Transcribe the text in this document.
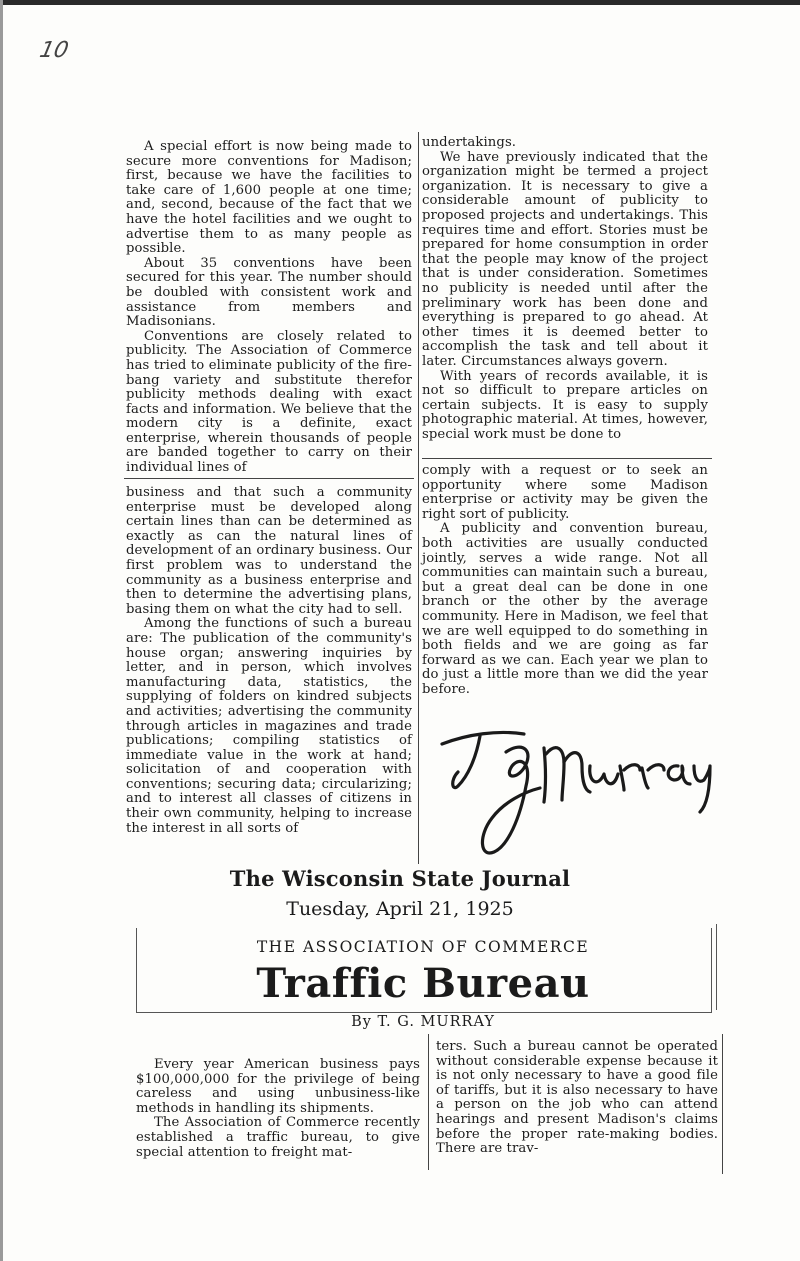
10

A special effort is now being made to secure more conventions for Madison; first, because we have the facilities to take care of 1,600 people at one time; and, second, because of the fact that we have the hotel facilities and we ought to advertise them to as many people as possible.

About 35 conventions have been secured for this year. The number should be doubled with consistent work and assistance from members and Madisonians.

Conventions are closely related to publicity. The Association of Commerce has tried to eliminate publicity of the fire-bang variety and substitute therefor publicity methods dealing with exact facts and information. We believe that the modern city is a definite, exact enterprise, wherein thousands of people are banded together to carry on their individual lines of

business and that such a community enterprise must be developed along certain lines than can be determined as exactly as can the natural lines of development of an ordinary business. Our first problem was to understand the community as a business enterprise and then to determine the advertising plans, basing them on what the city had to sell.

Among the functions of such a bureau are: The publication of the community's house organ; answering inquiries by letter, and in person, which involves manufacturing data, statistics, the supplying of folders on kindred subjects and activities; advertising the community through articles in magazines and trade publications; compiling statistics of immediate value in the work at hand; solicitation of and cooperation with conventions; securing data; circularizing; and to interest all classes of citizens in their own community, helping to increase the interest in all sorts of

undertakings.

We have previously indicated that the organization might be termed a project organization. It is necessary to give a considerable amount of publicity to proposed projects and undertakings. This requires time and effort. Stories must be prepared for home consumption in order that the people may know of the project that is under consideration. Sometimes no publicity is needed until after the preliminary work has been done and everything is prepared to go ahead. At other times it is deemed better to accomplish the task and tell about it later. Circumstances always govern.

With years of records available, it is not so difficult to prepare articles on certain subjects. It is easy to supply photographic material. At times, however, special work must be done to

comply with a request or to seek an opportunity where some Madison enterprise or activity may be given the right sort of publicity.

A publicity and convention bureau, both activities are usually conducted jointly, serves a wide range. Not all communities can maintain such a bureau, but a great deal can be done in one branch or the other by the average community. Here in Madison, we feel that we are well equipped to do something in both fields and we are going as far forward as we can. Each year we plan to do just a little more than we did the year before.

The Wisconsin State Journal
Tuesday, April 21, 1925
THE ASSOCIATION OF COMMERCE
Traffic Bureau
By T. G. MURRAY

Every year American business pays $100,000,000 for the privilege of being careless and using unbusiness-like methods in handling its shipments.

The Association of Commerce recently established a traffic bureau, to give special attention to freight mat-

ters. Such a bureau cannot be operated without considerable expense because it is not only necessary to have a good file of tariffs, but it is also necessary to have a person on the job who can attend hearings and present Madison's claims before the proper rate-making bodies. There are trav-
